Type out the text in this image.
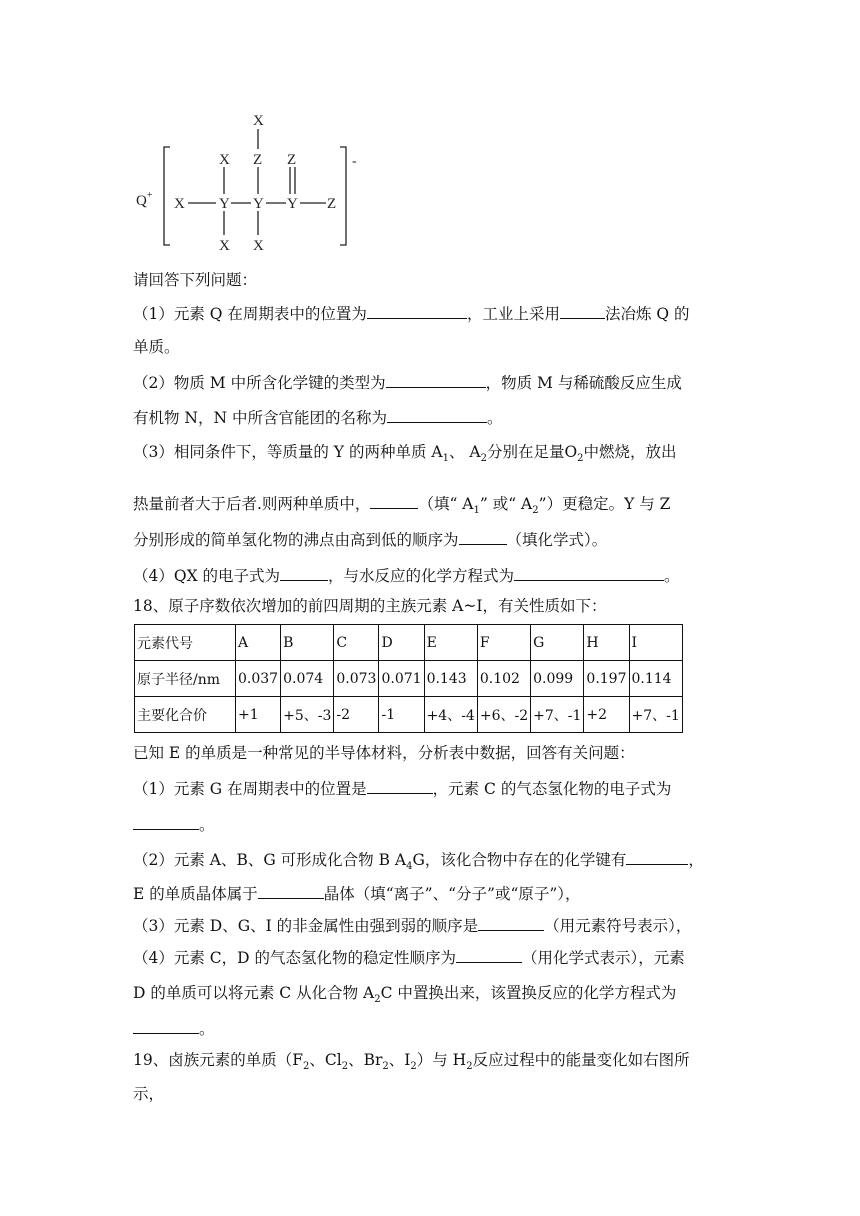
Q+
-
X Y Y Y Z
X Z Z
X
X X
请回答下列问题：
（1）元素 Q 在周期表中的位置为	，工业上采用	法冶炼 Q 的
单质。
（2）物质 M 中所含化学键的类型为	，物质 M 与稀硫酸反应生成
有机物 N，N 中所含官能团的名称为	。
（3）相同条件下，等质量的 Y 的两种单质 $A_1$、 $A_2$分别在足量$O_2$中燃烧，放出
热量前者大于后者.则两种单质中，	（填“ $A_1$” 或“ $A_2$”）更稳定。Y 与 Z
分别形成的简单氢化物的沸点由高到低的顺序为	（填化学式）。
（4）QX 的电子式为	，与水反应的化学方程式为	。
18、原子序数依次增加的前四周期的主族元素 A~I，有关性质如下：
元素代号	A	B	C	D	E	F	G	H	I
原子半径/nm	0.037	0.074	0.073	0.071	0.143	0.102	0.099	0.197	0.114
主要化合价	+1	+5、-3	-2	-1	+4、-4	+6、-2	+7、-1	+2	+7、-1
已知 E 的单质是一种常见的半导体材料，分析表中数据，回答有关问题：
（1）元素 G 在周期表中的位置是	，元素 C 的气态氢化物的电子式为
。
（2）元素 A、B、G 可形成化合物 B $A_4G$，该化合物中存在的化学键有	，
E 的单质晶体属于	晶体（填“离子”、“分子”或“原子”），
（3）元素 D、G、I 的非金属性由强到弱的顺序是	（用元素符号表示），
（4）元素 C，D 的气态氢化物的稳定性顺序为	（用化学式表示），元素
D 的单质可以将元素 C 从化合物 $A_2C$ 中置换出来，该置换反应的化学方程式为
。
19、卤族元素的单质（$F_2$、$Cl_2$、$Br_2$、$I_2$）与 $H_2$反应过程中的能量变化如右图所
示，
